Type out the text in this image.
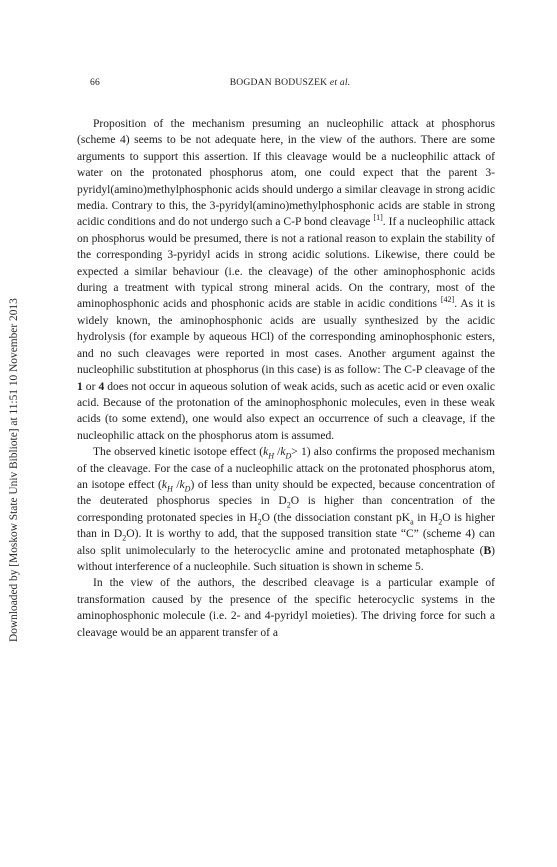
66	BOGDAN BODUSZEK et al.
Downloaded by [Moskow State Univ Bibliote] at 11:51 10 November 2013

Proposition of the mechanism presuming an nucleophilic attack at phosphorus (scheme 4) seems to be not adequate here, in the view of the authors. There are some arguments to support this assertion. If this cleavage would be a nucleophilic attack of water on the protonated phosphorus atom, one could expect that the parent 3-pyridyl(amino)methylphosphonic acids should undergo a similar cleavage in strong acidic media. Contrary to this, the 3-pyridyl(amino)methylphosphonic acids are stable in strong acidic conditions and do not undergo such a C-P bond cleavage [1]. If a nucleophilic attack on phosphorus would be presumed, there is not a rational reason to explain the stability of the corresponding 3-pyridyl acids in strong acidic solutions. Likewise, there could be expected a similar behaviour (i.e. the cleavage) of the other aminophosphonic acids during a treatment with typical strong mineral acids. On the contrary, most of the aminophosphonic acids and phosphonic acids are stable in acidic conditions [42]. As it is widely known, the aminophosphonic acids are usually synthesized by the acidic hydrolysis (for example by aqueous HCl) of the corresponding aminophosphonic esters, and no such cleavages were reported in most cases. Another argument against the nucleophilic substitution at phosphorus (in this case) is as follow: The C-P cleavage of the 1 or 4 does not occur in aqueous solution of weak acids, such as acetic acid or even oxalic acid. Because of the protonation of the aminophosphonic molecules, even in these weak acids (to some extend), one would also expect an occurrence of such a cleavage, if the nucleophilic attack on the phosphorus atom is assumed.

The observed kinetic isotope effect ($k_H$ $/k_D> 1$) also confirms the proposed mechanism of the cleavage. For the case of a nucleophilic attack on the protonated phosphorus atom, an isotope effect ($k_H$ $/k_D$) of less than unity should be expected, because concentration of the deuterated phosphorus species in $D_2O$ is higher than concentration of the corresponding protonated species in $H_2O$ (the dissociation constant $pK_a$ in $H_2O$ is higher than in $D_2O$). It is worthy to add, that the supposed transition state “C” (scheme 4) can also split unimolecularly to the heterocyclic amine and protonated metaphosphate (B) without interference of a nucleophile. Such situation is shown in scheme 5.

In the view of the authors, the described cleavage is a particular example of transformation caused by the presence of the specific heterocyclic systems in the aminophosphonic molecule (i.e. 2- and 4-pyridyl moieties). The driving force for such a cleavage would be an apparent transfer of a
